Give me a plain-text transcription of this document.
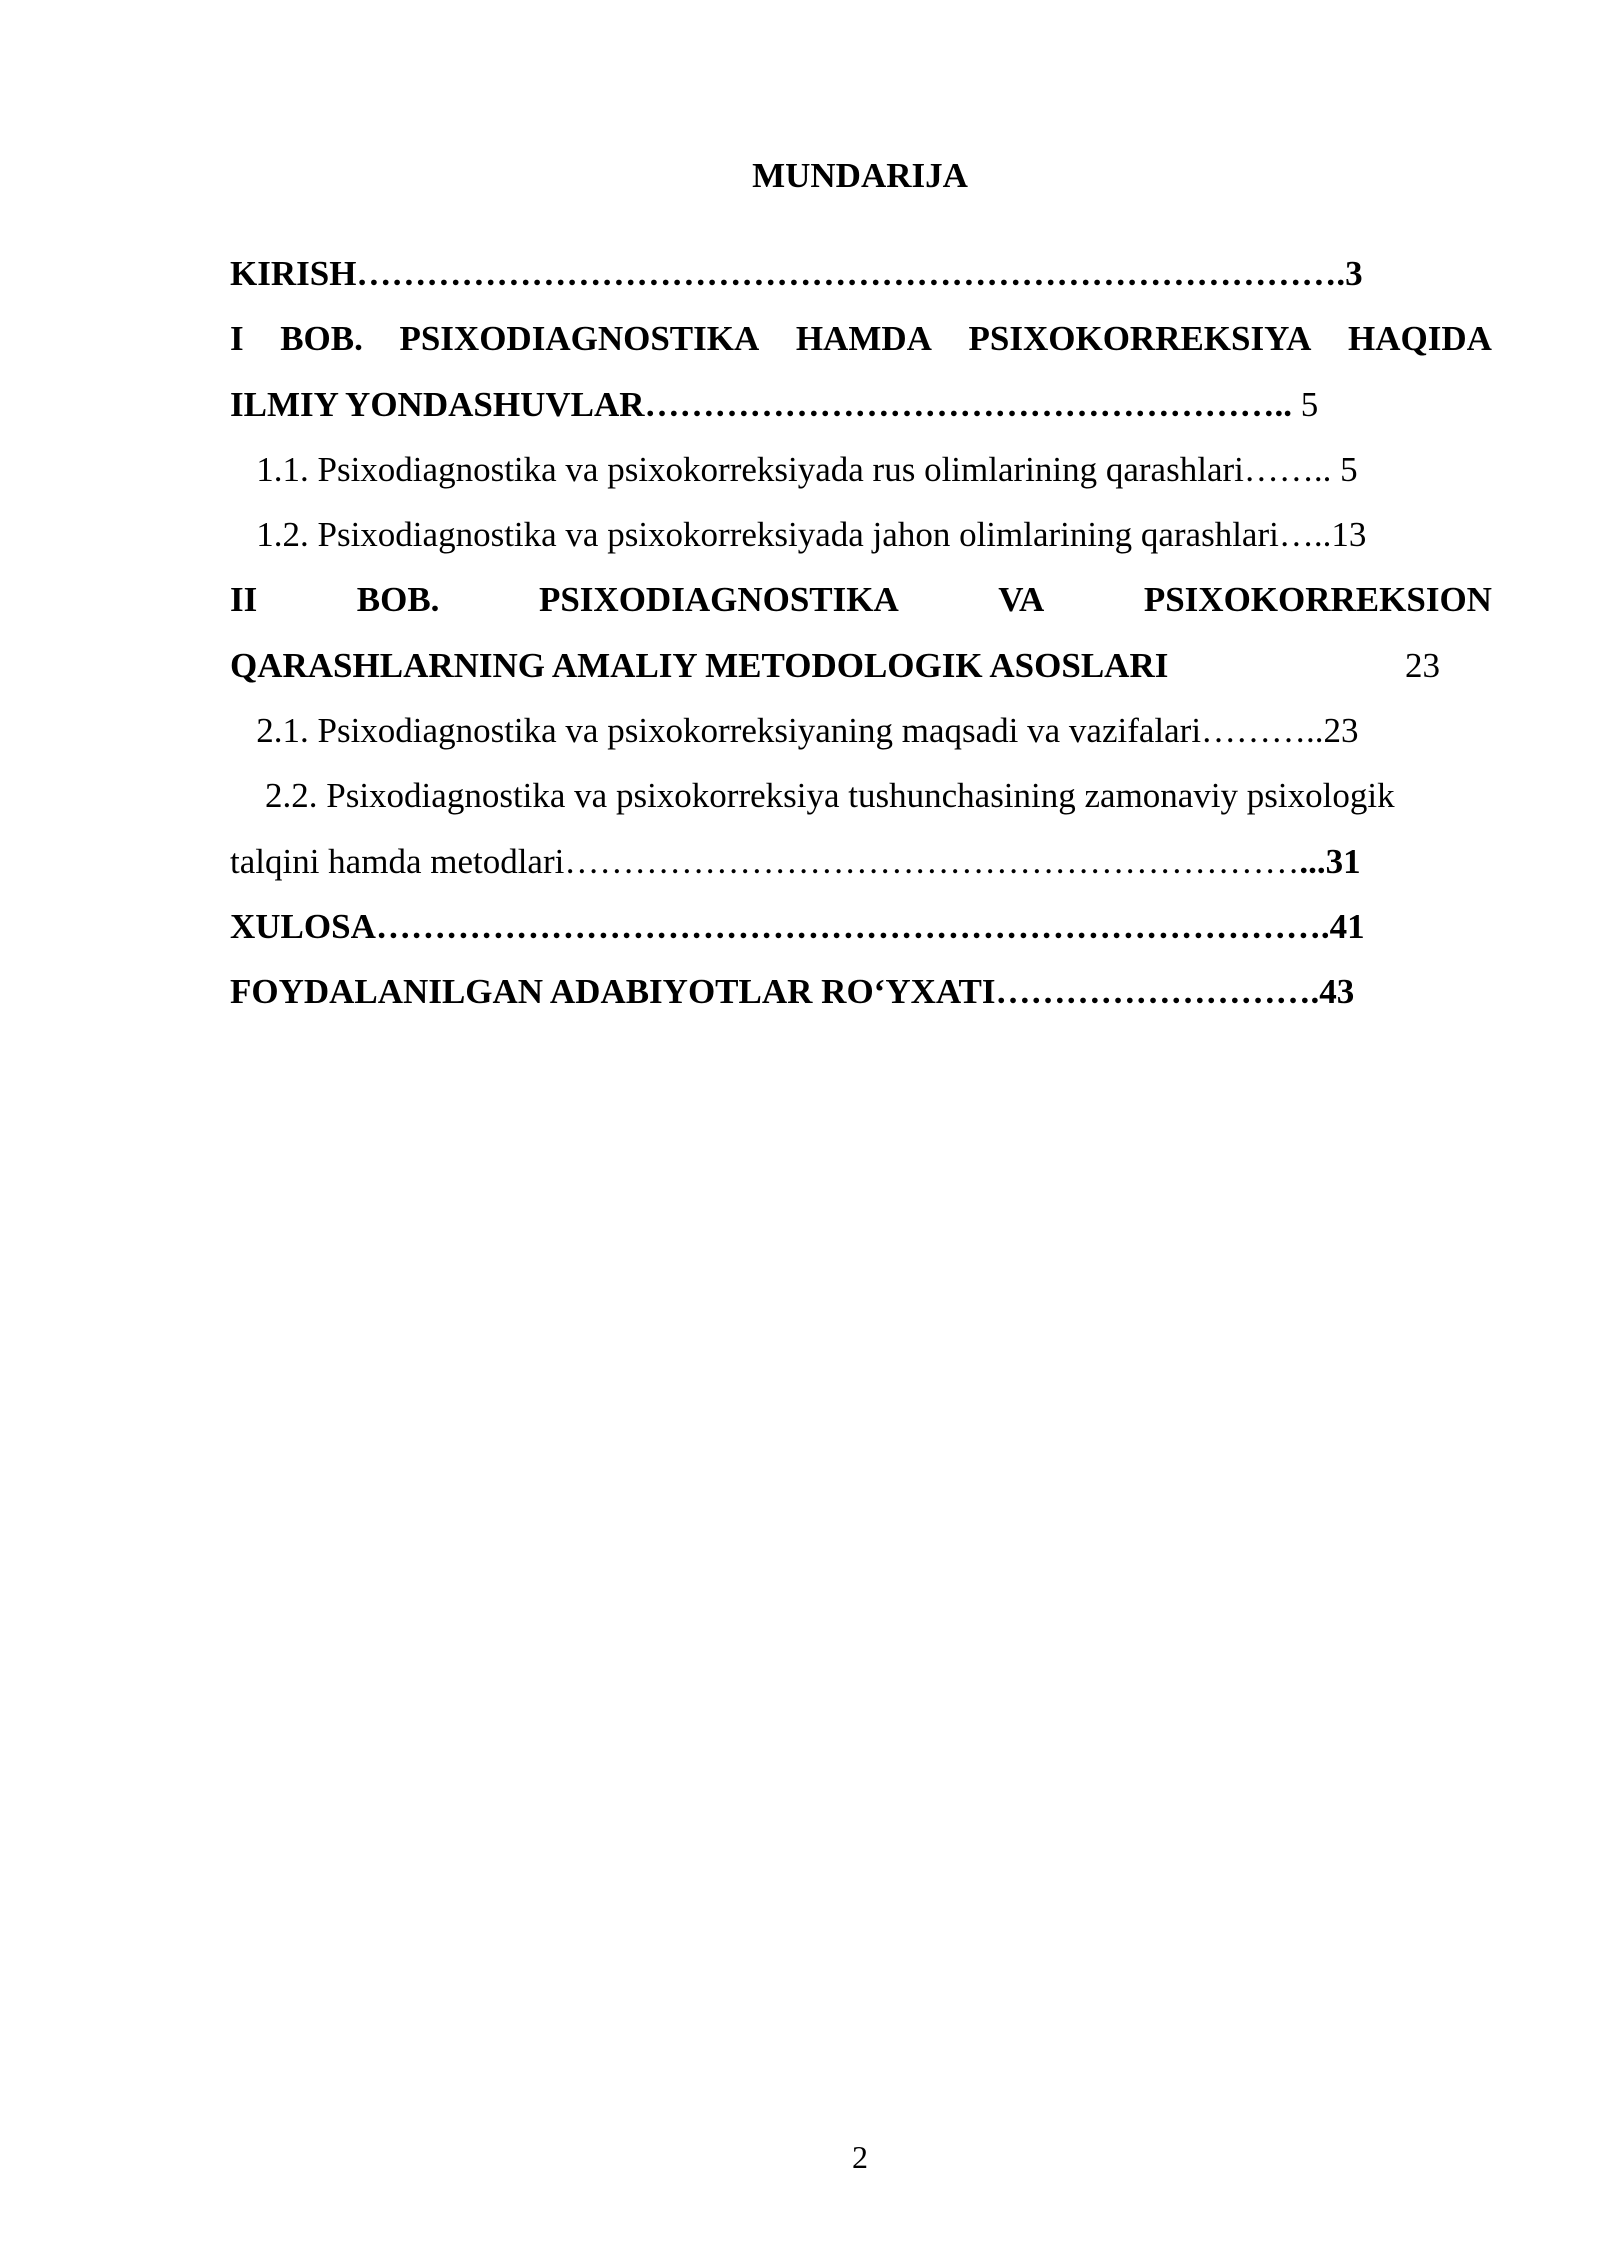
MUNDARIJA
KIRISH………………………………………………………………………….3
I BOB. PSIXODIAGNOSTIKA HAMDA PSIXOKORREKSIYA HAQIDA
ILMIY YONDASHUVLAR……………………………………………….. 5
1.1. Psixodiagnostika va psixokorreksiyada rus olimlarining qarashlari…….. 5
1.2. Psixodiagnostika va psixokorreksiyada jahon olimlarining qarashlari…..13
II	BOB.	PSIXODIAGNOSTIKA	VA	PSIXOKORREKSION
QARASHLARNING AMALIY METODOLOGIK ASOSLARI	23
2.1. Psixodiagnostika va psixokorreksiyaning maqsadi va vazifalari………..23
2.2. Psixodiagnostika va psixokorreksiya tushunchasining zamonaviy psixologik
talqini hamda metodlari………………………………………………………...31
XULOSA……………………………………………………………………….41
FOYDALANILGAN ADABIYOTLAR RO‘YXATI……………………….43
2
